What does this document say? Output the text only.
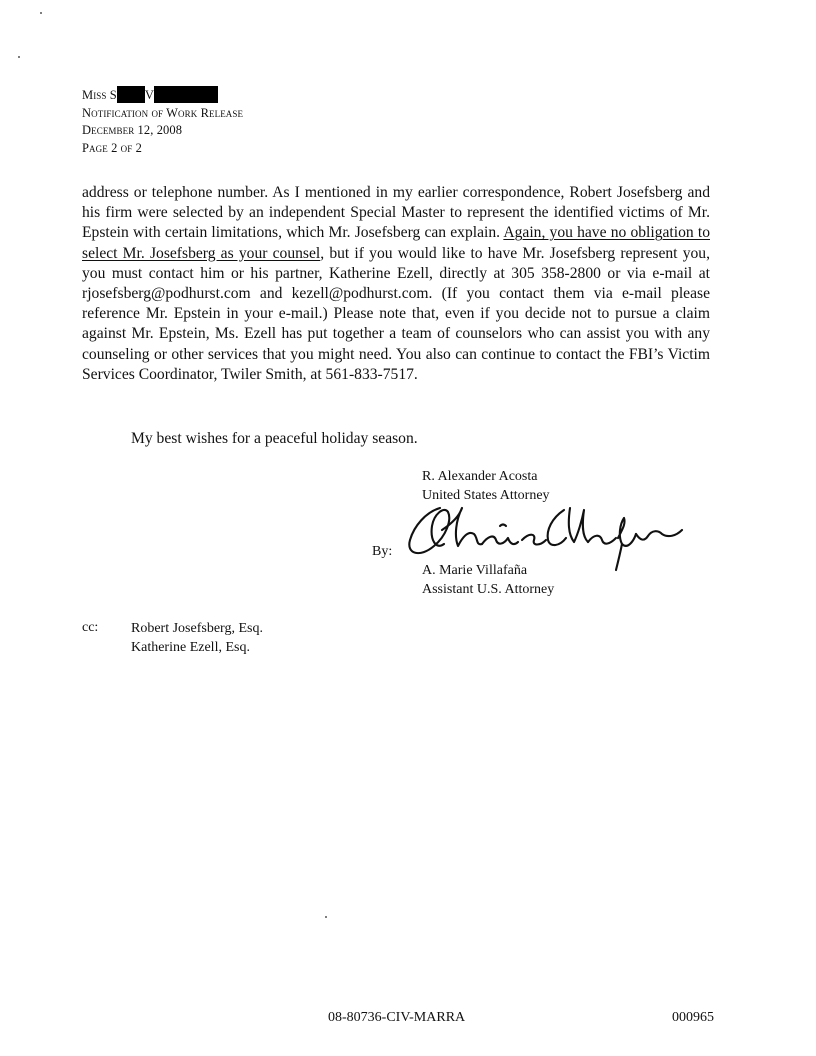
Miss S V
Notification of Work Release
December 12, 2008
Page 2 of 2

address or telephone number. As I mentioned in my earlier correspondence, Robert Josefsberg and his firm were selected by an independent Special Master to represent the identified victims of Mr. Epstein with certain limitations, which Mr. Josefsberg can explain. Again, you have no obligation to select Mr. Josefsberg as your counsel, but if you would like to have Mr. Josefsberg represent you, you must contact him or his partner, Katherine Ezell, directly at 305 358-2800 or via e-mail at rjosefsberg@podhurst.com and kezell@podhurst.com. (If you contact them via e-mail please reference Mr. Epstein in your e-mail.) Please note that, even if you decide not to pursue a claim against Mr. Epstein, Ms. Ezell has put together a team of counselors who can assist you with any counseling or other services that you might need. You also can continue to contact the FBI’s Victim Services Coordinator, Twiler Smith, at 561-833-7517.

My best wishes for a peaceful holiday season.
R. Alexander Acosta
United States Attorney
By:
A. Marie Villafaña
Assistant U.S. Attorney
cc: Robert Josefsberg, Esq.
Katherine Ezell, Esq.
08-80736-CIV-MARRA	000965
